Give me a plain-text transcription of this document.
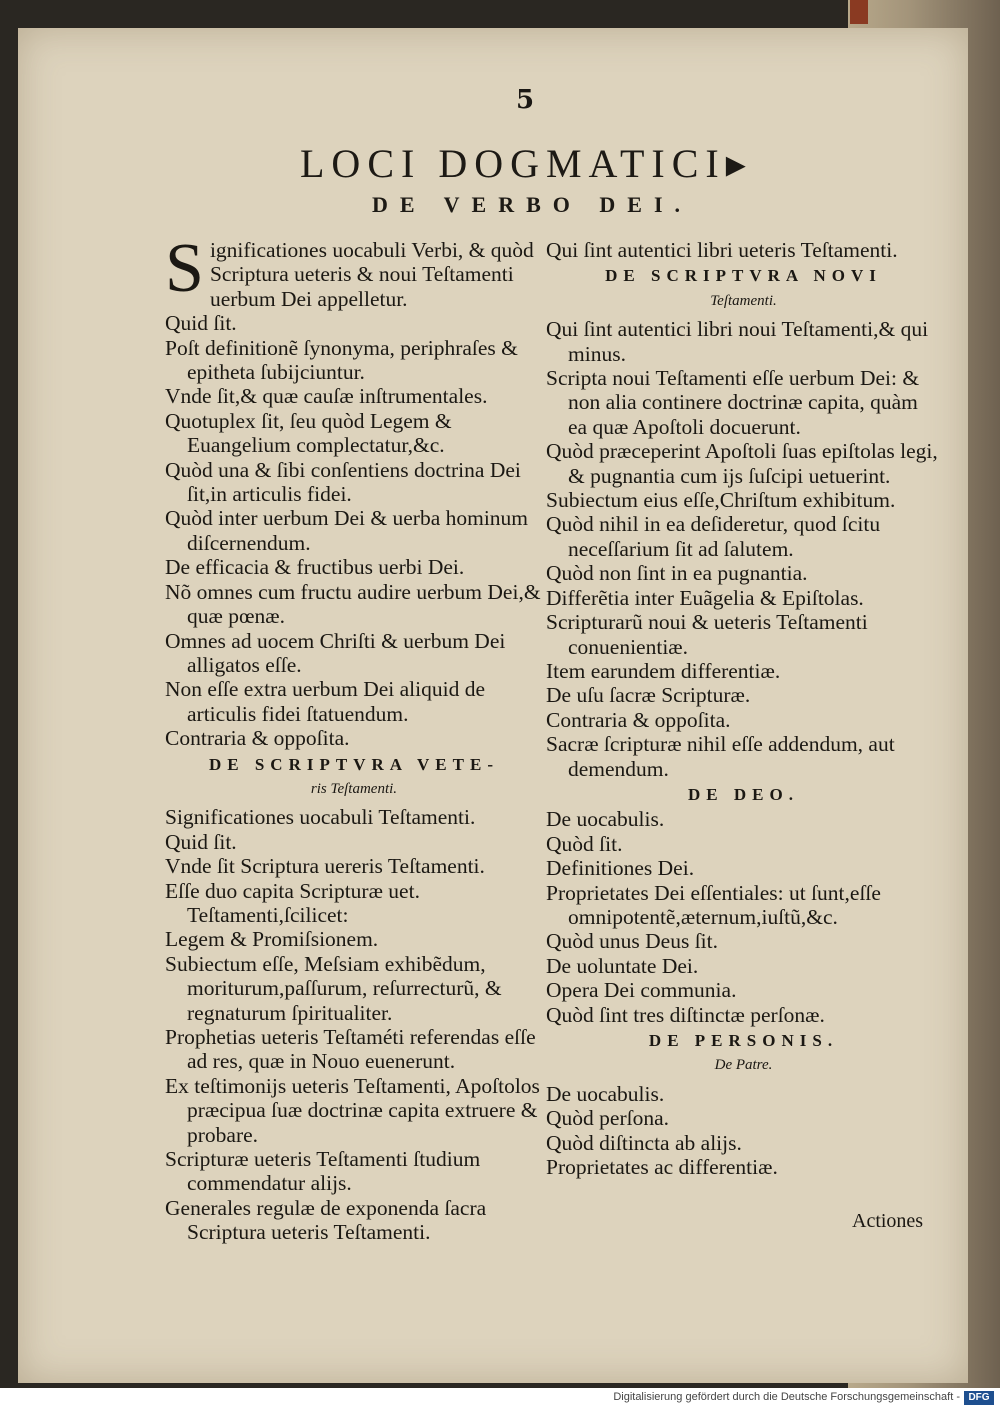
5
LOCI DOGMATICI▸
DE VERBO DEI.
Significationes uocabuli Verbi, & quòd Scriptura ueteris & noui Teſtamenti uerbum Dei appelletur.
Quid ſit.
Poſt definitionẽ ſynonyma, periphraſes & epitheta ſubijciuntur.
Vnde ſit,& quæ cauſæ inſtrumentales.
Quotuplex ſit, ſeu quòd Legem & Euangelium complectatur,&c.
Quòd una & ſibi conſentiens doctrina Dei ſit,in articulis fidei.
Quòd inter uerbum Dei & uerba hominum diſcernendum.
De efficacia & fructibus uerbi Dei.
Nõ omnes cum fructu audire uerbum Dei,& quæ pœnæ.
Omnes ad uocem Chriſti & uerbum Dei alligatos eſſe.
Non eſſe extra uerbum Dei aliquid de articulis fidei ſtatuendum.
Contraria & oppoſita.
DE SCRIPTVRA VETE-
ris Teſtamenti.
Significationes uocabuli Teſtamenti.
Quid ſit.
Vnde ſit Scriptura uereris Teſtamenti.
Eſſe duo capita Scripturæ uet. Teſtamenti,ſcilicet:
Legem & Promiſsionem.
Subiectum eſſe, Meſsiam exhibẽdum, moriturum,paſſurum, reſurrecturũ, & regnaturum ſpiritualiter.
Prophetias ueteris Teſtaméti referendas eſſe ad res, quæ in Nouo euenerunt.
Ex teſtimonijs ueteris Teſtamenti, Apoſtolos præcipua ſuæ doctrinæ capita extruere & probare.
Scripturæ ueteris Teſtamenti ſtudium commendatur alijs.
Generales regulæ de exponenda ſacra Scriptura ueteris Teſtamenti.
Qui ſint autentici libri ueteris Teſtamenti.
DE SCRIPTVRA NOVI
Teſtamenti.
Qui ſint autentici libri noui Teſtamenti,& qui minus.
Scripta noui Teſtamenti eſſe uerbum Dei: & non alia continere doctrinæ capita, quàm ea quæ Apoſtoli docuerunt.
Quòd præceperint Apoſtoli ſuas epiſtolas legi, & pugnantia cum ijs ſuſcipi uetuerint.
Subiectum eius eſſe,Chriſtum exhibitum.
Quòd nihil in ea deſideretur, quod ſcitu neceſſarium ſit ad ſalutem.
Quòd non ſint in ea pugnantia.
Differẽtia inter Euãgelia & Epiſtolas.
Scripturarũ noui & ueteris Teſtamenti conuenientiæ.
Item earundem differentiæ.
De uſu ſacræ Scripturæ.
Contraria & oppoſita.
Sacræ ſcripturæ nihil eſſe addendum, aut demendum.
DE DEO.
De uocabulis.
Quòd ſit.
Definitiones Dei.
Proprietates Dei eſſentiales: ut ſunt,eſſe omnipotentẽ,æternum,iuſtũ,&c.
Quòd unus Deus ſit.
De uoluntate Dei.
Opera Dei communia.
Quòd ſint tres diſtinctæ perſonæ.
DE PERSONIS.
De Patre.
De uocabulis.
Quòd perſona.
Quòd diſtincta ab alijs.
Proprietates ac differentiæ.
Actiones
Digitalisierung gefördert durch die Deutsche Forschungsgemeinschaft - DFG
